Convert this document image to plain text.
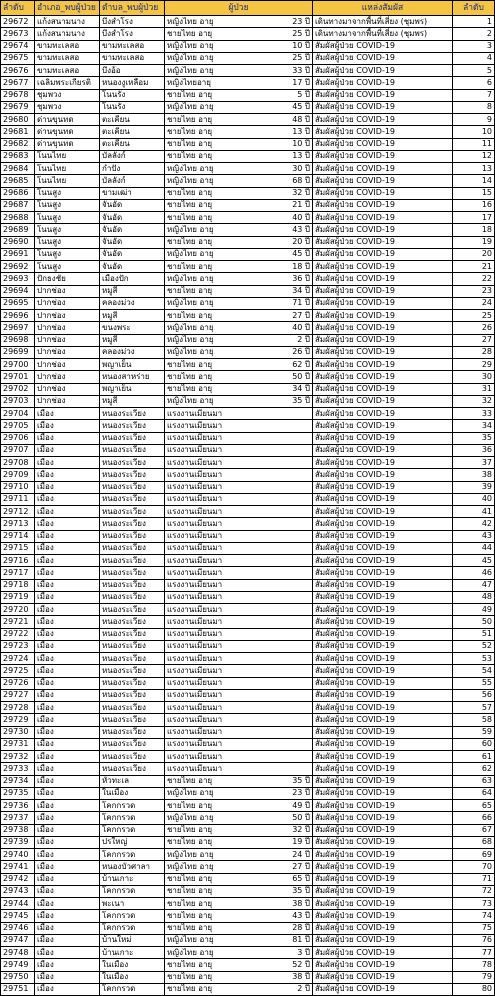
ลำดับ	อำเภอ_พบผู้ป่วย	ตำบล_พบผู้ป่วย	ผู้ป่วย	แหล่งสัมผัส	ลำดับ
29672	แก้งสนามนาง	บึงสำโรง	หญิงไทย อายุ 23 ปี	เดินทางมาจากพื้นที่เสี่ยง (ชุมพร)	1
29673	แก้งสนามนาง	บึงสำโรง	ชายไทย อายุ 25 ปี	เดินทางมาจากพื้นที่เสี่ยง (ชุมพร)	2
29674	ขามทะเลสอ	ขามทะเลสอ	หญิงไทย อายุ 10 ปี	สัมผัสผู้ป่วย COVID-19	3
29675	ขามทะเลสอ	ขามทะเลสอ	หญิงไทย อายุ 25 ปี	สัมผัสผู้ป่วย COVID-19	4
29676	ขามทะเลสอ	บึงอ้อ	หญิงไทย อายุ 33 ปี	สัมผัสผู้ป่วย COVID-19	5
29677	เฉลิมพระเกียรติ	หนองงูเหลือม	หญิงไทยอายุ 17 ปี	สัมผัสผู้ป่วย COVID-19	6
29678	ชุมพวง	โนนรัง	ชายไทย อายุ 5 ปี	สัมผัสผู้ป่วย COVID-19	7
29679	ชุมพวง	โนนรัง	หญิงไทย อายุ 45 ปี	สัมผัสผู้ป่วย COVID-19	8
29680	ด่านขุนทด	ตะเคียน	ชายไทย อายุ 48 ปี	สัมผัสผู้ป่วย COVID-19	9
29681	ด่านขุนทด	ตะเคียน	ชายไทย อายุ 13 ปี	สัมผัสผู้ป่วย COVID-19	10
29682	ด่านขุนทด	ตะเคียน	ชายไทย อายุ 10 ปี	สัมผัสผู้ป่วย COVID-19	11
29683	โนนไทย	บัลลังก์	ชายไทย อายุ 13 ปี	สัมผัสผู้ป่วย COVID-19	12
29684	โนนไทย	กำปัง	หญิงไทย อายุ 30 ปี	สัมผัสผู้ป่วย COVID-19	13
29685	โนนไทย	บัลลังก์	หญิงไทย อายุ 68 ปี	สัมผัสผู้ป่วย COVID-19	14
29686	โนนสูง	ขามเฒ่า	ชายไทย อายุ 32 ปี	สัมผัสผู้ป่วย COVID-19	15
29687	โนนสูง	จันอัด	ชายไทย อายุ 21 ปี	สัมผัสผู้ป่วย COVID-19	16
29688	โนนสูง	จันอัด	ชายไทย อายุ 40 ปี	สัมผัสผู้ป่วย COVID-19	17
29689	โนนสูง	จันอัด	หญิงไทย อายุ 43 ปี	สัมผัสผู้ป่วย COVID-19	18
29690	โนนสูง	จันอัด	ชายไทย อายุ 20 ปี	สัมผัสผู้ป่วย COVID-19	19
29691	โนนสูง	จันอัด	หญิงไทย อายุ 45 ปี	สัมผัสผู้ป่วย COVID-19	20
29692	โนนสูง	จันอัด	ชายไทย อายุ 18 ปี	สัมผัสผู้ป่วย COVID-19	21
29693	ปักธงชัย	เมืองปัก	หญิงไทย อายุ 36 ปี	สัมผัสผู้ป่วย COVID-19	22
29694	ปากช่อง	หมูสี	ชายไทย อายุ 34 ปี	สัมผัสผู้ป่วย COVID-19	23
29695	ปากช่อง	คลองม่วง	หญิงไทย อายุ 71 ปี	สัมผัสผู้ป่วย COVID-19	24
29696	ปากช่อง	หมูสี	ชายไทย อายุ 27 ปี	สัมผัสผู้ป่วย COVID-19	25
29697	ปากช่อง	ขนงพระ	หญิงไทย อายุ 40 ปี	สัมผัสผู้ป่วย COVID-19	26
29698	ปากช่อง	หมูสี	หญิงไทย อายุ 2 ปี	สัมผัสผู้ป่วย COVID-19	27
29699	ปากช่อง	คลองม่วง	หญิงไทย อายุ 26 ปี	สัมผัสผู้ป่วย COVID-19	28
29700	ปากช่อง	พญาเย็น	ชายไทย อายุ 62 ปี	สัมผัสผู้ป่วย COVID-19	29
29701	ปากช่อง	หนองสาหร่าย	ชายไทย อายุ 50 ปี	สัมผัสผู้ป่วย COVID-19	30
29702	ปากช่อง	พญาเย็น	ชายไทย อายุ 34 ปี	สัมผัสผู้ป่วย COVID-19	31
29703	ปากช่อง	หมูสี	หญิงไทย อายุ 35 ปี	สัมผัสผู้ป่วย COVID-19	32
29704	เมือง	หนองระเวียง	แรงงานเมียนมา	สัมผัสผู้ป่วย COVID-19	33
29705	เมือง	หนองระเวียง	แรงงานเมียนมา	สัมผัสผู้ป่วย COVID-19	34
29706	เมือง	หนองระเวียง	แรงงานเมียนมา	สัมผัสผู้ป่วย COVID-19	35
29707	เมือง	หนองระเวียง	แรงงานเมียนมา	สัมผัสผู้ป่วย COVID-19	36
29708	เมือง	หนองระเวียง	แรงงานเมียนมา	สัมผัสผู้ป่วย COVID-19	37
29709	เมือง	หนองระเวียง	แรงงานเมียนมา	สัมผัสผู้ป่วย COVID-19	38
29710	เมือง	หนองระเวียง	แรงงานเมียนมา	สัมผัสผู้ป่วย COVID-19	39
29711	เมือง	หนองระเวียง	แรงงานเมียนมา	สัมผัสผู้ป่วย COVID-19	40
29712	เมือง	หนองระเวียง	แรงงานเมียนมา	สัมผัสผู้ป่วย COVID-19	41
29713	เมือง	หนองระเวียง	แรงงานเมียนมา	สัมผัสผู้ป่วย COVID-19	42
29714	เมือง	หนองระเวียง	แรงงานเมียนมา	สัมผัสผู้ป่วย COVID-19	43
29715	เมือง	หนองระเวียง	แรงงานเมียนมา	สัมผัสผู้ป่วย COVID-19	44
29716	เมือง	หนองระเวียง	แรงงานเมียนมา	สัมผัสผู้ป่วย COVID-19	45
29717	เมือง	หนองระเวียง	แรงงานเมียนมา	สัมผัสผู้ป่วย COVID-19	46
29718	เมือง	หนองระเวียง	แรงงานเมียนมา	สัมผัสผู้ป่วย COVID-19	47
29719	เมือง	หนองระเวียง	แรงงานเมียนมา	สัมผัสผู้ป่วย COVID-19	48
29720	เมือง	หนองระเวียง	แรงงานเมียนมา	สัมผัสผู้ป่วย COVID-19	49
29721	เมือง	หนองระเวียง	แรงงานเมียนมา	สัมผัสผู้ป่วย COVID-19	50
29722	เมือง	หนองระเวียง	แรงงานเมียนมา	สัมผัสผู้ป่วย COVID-19	51
29723	เมือง	หนองระเวียง	แรงงานเมียนมา	สัมผัสผู้ป่วย COVID-19	52
29724	เมือง	หนองระเวียง	แรงงานเมียนมา	สัมผัสผู้ป่วย COVID-19	53
29725	เมือง	หนองระเวียง	แรงงานเมียนมา	สัมผัสผู้ป่วย COVID-19	54
29726	เมือง	หนองระเวียง	แรงงานเมียนมา	สัมผัสผู้ป่วย COVID-19	55
29727	เมือง	หนองระเวียง	แรงงานเมียนมา	สัมผัสผู้ป่วย COVID-19	56
29728	เมือง	หนองระเวียง	แรงงานเมียนมา	สัมผัสผู้ป่วย COVID-19	57
29729	เมือง	หนองระเวียง	แรงงานเมียนมา	สัมผัสผู้ป่วย COVID-19	58
29730	เมือง	หนองระเวียง	แรงงานเมียนมา	สัมผัสผู้ป่วย COVID-19	59
29731	เมือง	หนองระเวียง	แรงงานเมียนมา	สัมผัสผู้ป่วย COVID-19	60
29732	เมือง	หนองระเวียง	แรงงานเมียนมา	สัมผัสผู้ป่วย COVID-19	61
29733	เมือง	หนองระเวียง	แรงงานเมียนมา	สัมผัสผู้ป่วย COVID-19	62
29734	เมือง	หัวทะเล	ชายไทย อายุ 35 ปี	สัมผัสผู้ป่วย COVID-19	63
29735	เมือง	ในเมือง	หญิงไทย อายุ 23 ปี	สัมผัสผู้ป่วย COVID-19	64
29736	เมือง	โคกกรวด	ชายไทย อายุ 49 ปี	สัมผัสผู้ป่วย COVID-19	65
29737	เมือง	โคกกรวด	หญิงไทย อายุ 50 ปี	สัมผัสผู้ป่วย COVID-19	66
29738	เมือง	โคกกรวด	ชายไทย อายุ 32 ปี	สัมผัสผู้ป่วย COVID-19	67
29739	เมือง	ปรใหญ่	ชายไทย อายุ 19 ปี	สัมผัสผู้ป่วย COVID-19	68
29740	เมือง	โคกกรวด	หญิงไทย อายุ 24 ปี	สัมผัสผู้ป่วย COVID-19	69
29741	เมือง	หนองบัวศาลา	หญิงไทย อายุ 27 ปี	สัมผัสผู้ป่วย COVID-19	70
29742	เมือง	บ้านเกาะ	ชายไทย อายุ 65 ปี	สัมผัสผู้ป่วย COVID-19	71
29743	เมือง	โคกกรวด	ชายไทย อายุ 35 ปี	สัมผัสผู้ป่วย COVID-19	72
29744	เมือง	พะเนา	ชายไทย อายุ 38 ปี	สัมผัสผู้ป่วย COVID-19	73
29745	เมือง	โคกกรวด	ชายไทย อายุ 43 ปี	สัมผัสผู้ป่วย COVID-19	74
29746	เมือง	โคกกรวด	ชายไทย อายุ 28 ปี	สัมผัสผู้ป่วย COVID-19	75
29747	เมือง	บ้านใหม่	หญิงไทย อายุ 81 ปี	สัมผัสผู้ป่วย COVID-19	76
29748	เมือง	บ้านเกาะ	หญิงไทย อายุ 3 ปี	สัมผัสผู้ป่วย COVID-19	77
29749	เมือง	ในเมือง	ชายไทย อายุ 52 ปี	สัมผัสผู้ป่วย COVID-19	78
29750	เมือง	ในเมือง	ชายไทย อายุ 38 ปี	สัมผัสผู้ป่วย COVID-19	79
29751	เมือง	โคกกรวด	ชายไทย อายุ 2 ปี	สัมผัสผู้ป่วย COVID-19	80
